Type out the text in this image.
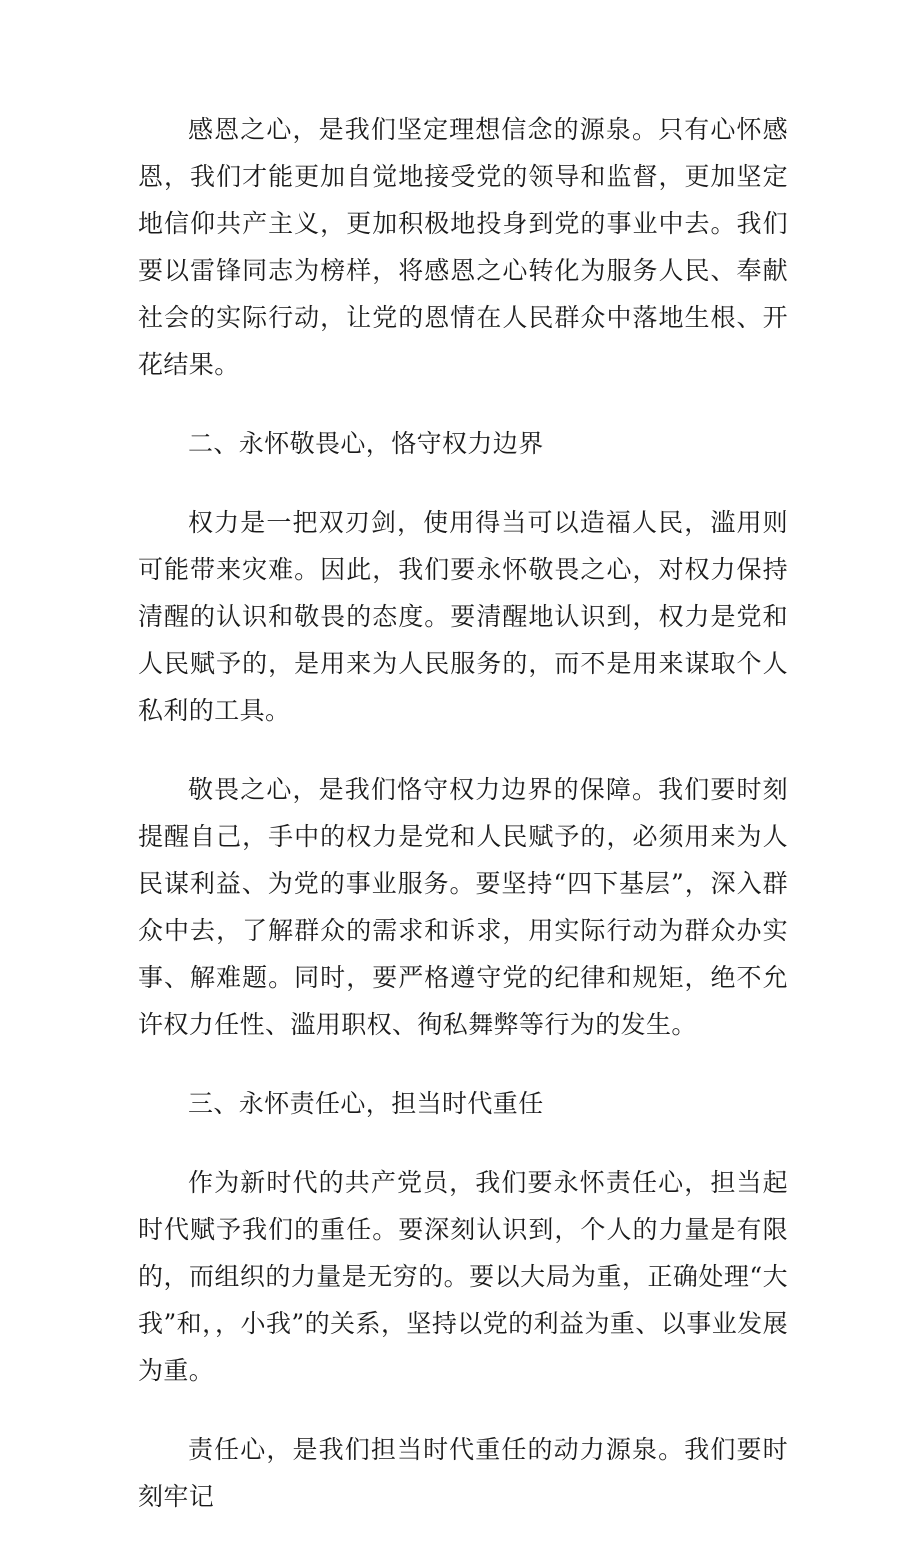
感恩之心，是我们坚定理想信念的源泉。只有心怀感恩，我们才能更加自觉地接受党的领导和监督，更加坚定地信仰共产主义，更加积极地投身到党的事业中去。我们要以雷锋同志为榜样，将感恩之心转化为服务人民、奉献社会的实际行动，让党的恩情在人民群众中落地生根、开花结果。

二、永怀敬畏心，恪守权力边界

权力是一把双刃剑，使用得当可以造福人民，滥用则可能带来灾难。因此，我们要永怀敬畏之心，对权力保持清醒的认识和敬畏的态度。要清醒地认识到，权力是党和人民赋予的，是用来为人民服务的，而不是用来谋取个人私利的工具。

敬畏之心，是我们恪守权力边界的保障。我们要时刻提醒自己，手中的权力是党和人民赋予的，必须用来为人民谋利益、为党的事业服务。要坚持“四下基层”，深入群众中去，了解群众的需求和诉求，用实际行动为群众办实事、解难题。同时，要严格遵守党的纪律和规矩，绝不允许权力任性、滥用职权、徇私舞弊等行为的发生。

三、永怀责任心，担当时代重任

作为新时代的共产党员，我们要永怀责任心，担当起时代赋予我们的重任。要深刻认识到，个人的力量是有限的，而组织的力量是无穷的。要以大局为重，正确处理“大我”和，，小我”的关系，坚持以党的利益为重、以事业发展为重。

责任心，是我们担当时代重任的动力源泉。我们要时刻牢记
